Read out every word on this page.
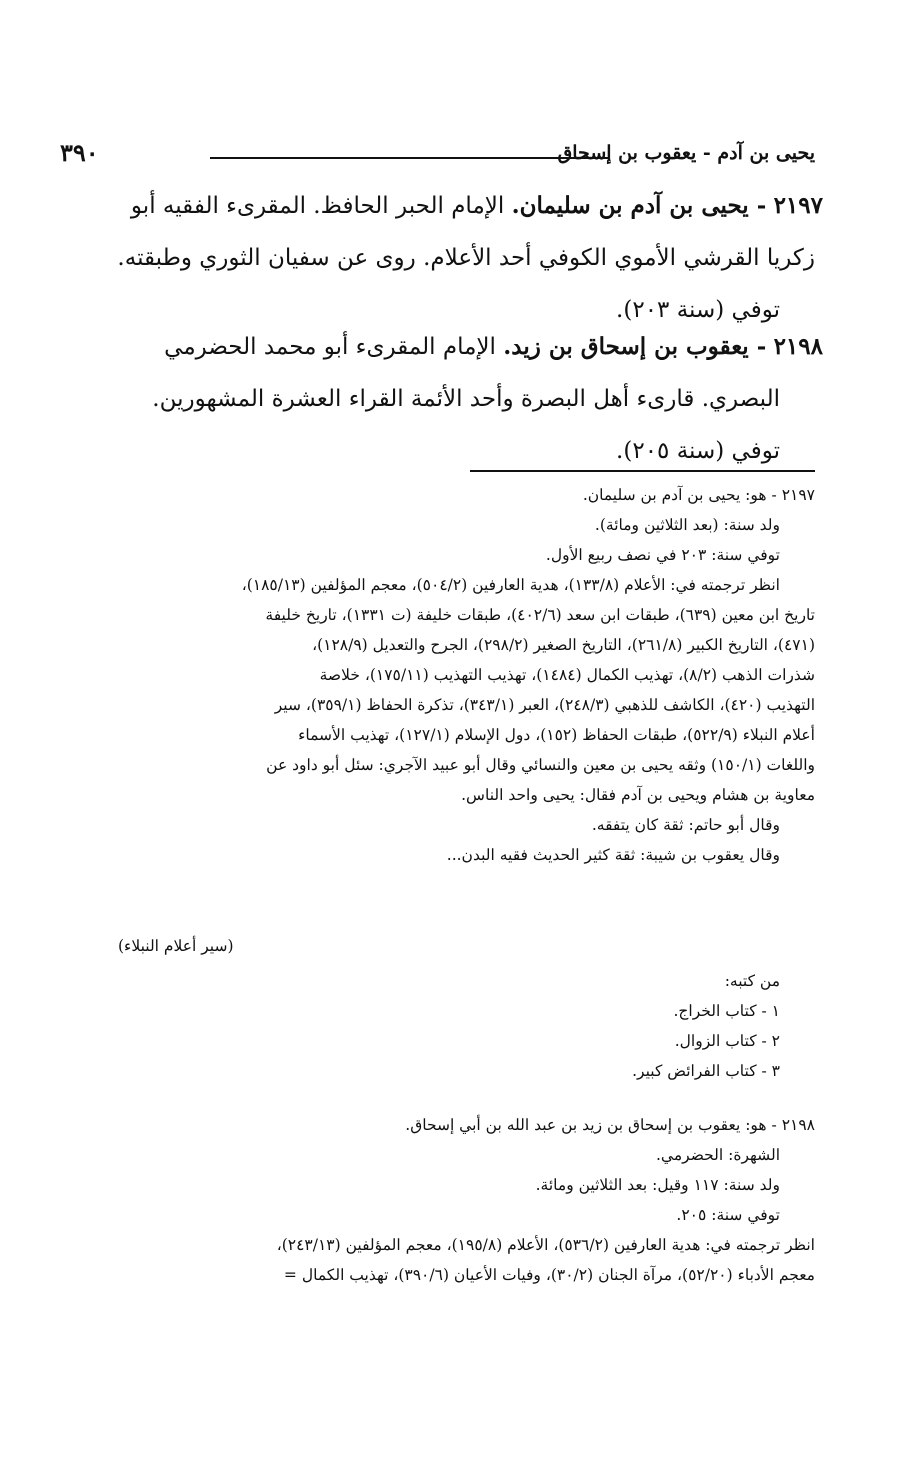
يحيى بن آدم - يعقوب بن إسحاق
٣٩٠

٢١٩٧ - يحيى بن آدم بن سليمان. الإمام الحبر الحافظ. المقرىء الفقيه أبو

زكريا القرشي الأموي الكوفي أحد الأعلام. روى عن سفيان الثوري وطبقته.

توفي (سنة ٢٠٣).

٢١٩٨ - يعقوب بن إسحاق بن زيد. الإمام المقرىء أبو محمد الحضرمي

البصري. قارىء أهل البصرة وأحد الأئمة القراء العشرة المشهورين.

توفي (سنة ٢٠٥).

٢١٩٧ - هو: يحيى بن آدم بن سليمان.

ولد سنة: (بعد الثلاثين ومائة).

توفي سنة: ٢٠٣ في نصف ربيع الأول.

انظر ترجمته في: الأعلام (١٣٣/٨)، هدية العارفين (٥٠٤/٢)، معجم المؤلفين (١٨٥/١٣)،

تاريخ ابن معين (٦٣٩)، طبقات ابن سعد (٤٠٢/٦)، طبقات خليفة (ت ١٣٣١)، تاريخ خليفة

(٤٧١)، التاريخ الكبير (٢٦١/٨)، التاريخ الصغير (٢٩٨/٢)، الجرح والتعديل (١٢٨/٩)،

شذرات الذهب (٨/٢)، تهذيب الكمال (١٤٨٤)، تهذيب التهذيب (١٧٥/١١)، خلاصة

التهذيب (٤٢٠)، الكاشف للذهبي (٢٤٨/٣)، العبر (٣٤٣/١)، تذكرة الحفاظ (٣٥٩/١)، سير

أعلام النبلاء (٥٢٢/٩)، طبقات الحفاظ (١٥٢)، دول الإسلام (١٢٧/١)، تهذيب الأسماء

واللغات (١٥٠/١) وثقه يحيى بن معين والنسائي وقال أبو عبيد الآجري: سئل أبو داود عن

معاوية بن هشام ويحيى بن آدم فقال: يحيى واحد الناس.

وقال أبو حاتم: ثقة كان يتفقه.

وقال يعقوب بن شيبة: ثقة كثير الحديث فقيه البدن...

(سير أعلام النبلاء)

من كتبه:

١ - كتاب الخراج.

٢ - كتاب الزوال.

٣ - كتاب الفرائض كبير.

٢١٩٨ - هو: يعقوب بن إسحاق بن زيد بن عبد الله بن أبي إسحاق.

الشهرة: الحضرمي.

ولد سنة: ١١٧ وقيل: بعد الثلاثين ومائة.

توفي سنة: ٢٠٥.

انظر ترجمته في: هدية العارفين (٥٣٦/٢)، الأعلام (١٩٥/٨)، معجم المؤلفين (٢٤٣/١٣)،

معجم الأدباء (٥٢/٢٠)، مرآة الجنان (٣٠/٢)، وفيات الأعيان (٣٩٠/٦)، تهذيب الكمال =
